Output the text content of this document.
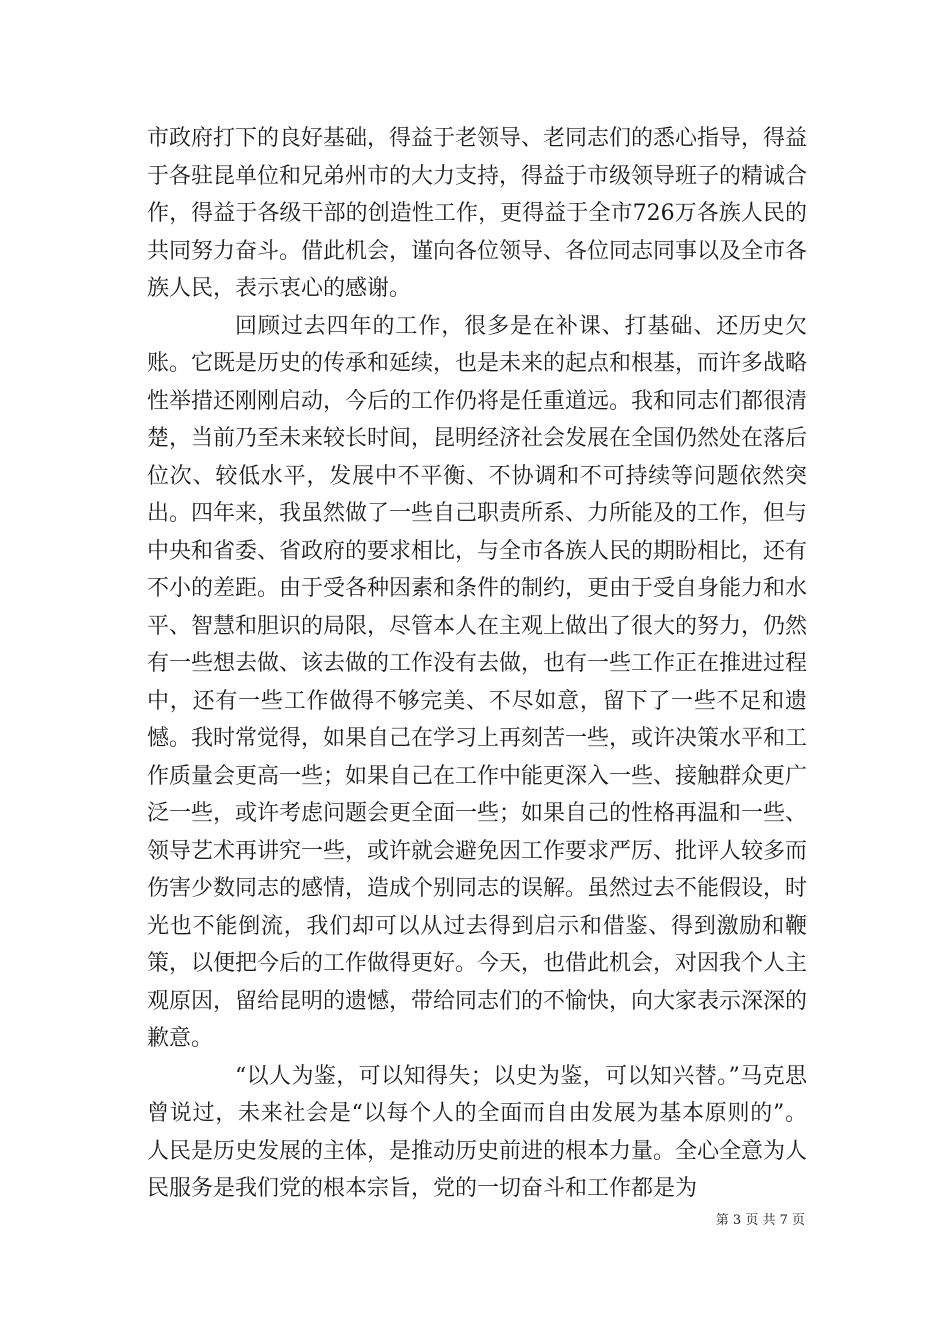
市政府打下的良好基础，得益于老领导、老同志们的悉心指导，得益于各驻昆单位和兄弟州市的大力支持，得益于市级领导班子的精诚合作，得益于各级干部的创造性工作，更得益于全市726万各族人民的共同努力奋斗。借此机会，谨向各位领导、各位同志同事以及全市各族人民，表示衷心的感谢。

回顾过去四年的工作，很多是在补课、打基础、还历史欠账。它既是历史的传承和延续，也是未来的起点和根基，而许多战略性举措还刚刚启动，今后的工作仍将是任重道远。我和同志们都很清楚，当前乃至未来较长时间，昆明经济社会发展在全国仍然处在落后位次、较低水平，发展中不平衡、不协调和不可持续等问题依然突出。四年来，我虽然做了一些自己职责所系、力所能及的工作，但与中央和省委、省政府的要求相比，与全市各族人民的期盼相比，还有不小的差距。由于受各种因素和条件的制约，更由于受自身能力和水平、智慧和胆识的局限，尽管本人在主观上做出了很大的努力，仍然有一些想去做、该去做的工作没有去做，也有一些工作正在推进过程中，还有一些工作做得不够完美、不尽如意，留下了一些不足和遗憾。我时常觉得，如果自己在学习上再刻苦一些，或许决策水平和工作质量会更高一些；如果自己在工作中能更深入一些、接触群众更广泛一些，或许考虑问题会更全面一些；如果自己的性格再温和一些、领导艺术再讲究一些，或许就会避免因工作要求严厉、批评人较多而伤害少数同志的感情，造成个别同志的误解。虽然过去不能假设，时光也不能倒流，我们却可以从过去得到启示和借鉴、得到激励和鞭策，以便把今后的工作做得更好。今天，也借此机会，对因我个人主观原因，留给昆明的遗憾，带给同志们的不愉快，向大家表示深深的歉意。

“以人为鉴，可以知得失；以史为鉴，可以知兴替。”马克思曾说过，未来社会是“以每个人的全面而自由发展为基本原则的”。人民是历史发展的主体，是推动历史前进的根本力量。全心全意为人民服务是我们党的根本宗旨，党的一切奋斗和工作都是为

第 3 页 共 7 页
